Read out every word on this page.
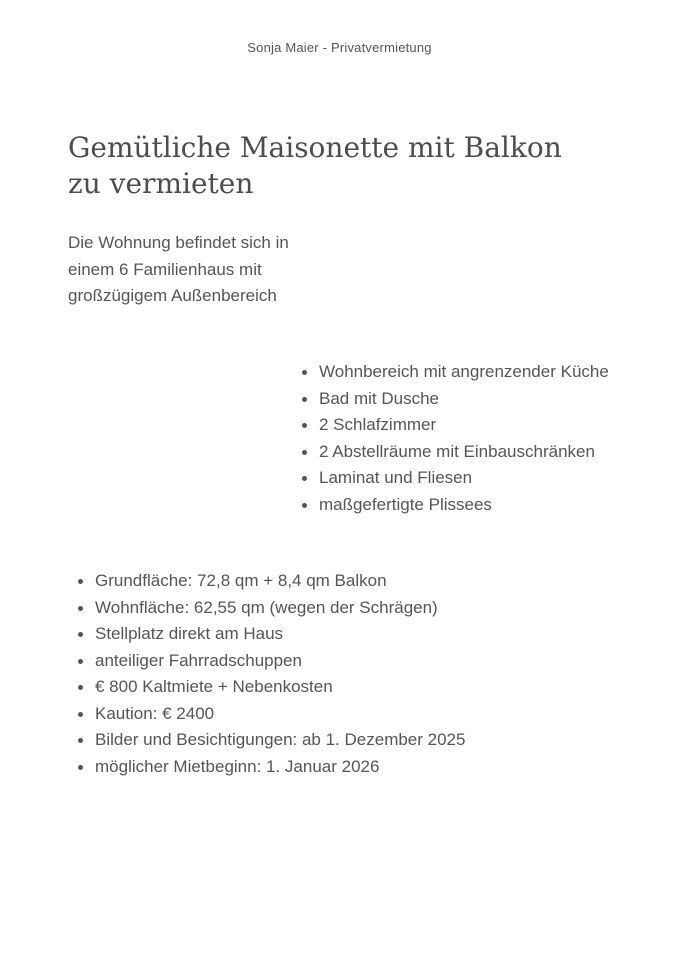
Sonja Maier - Privatvermietung
Gemütliche Maisonette mit Balkon
zu vermieten

Die Wohnung befindet sich in
einem 6 Familienhaus mit
großzügigem Außenbereich

Wohnbereich mit angrenzender Küche
Bad mit Dusche
2 Schlafzimmer
2 Abstellräume mit Einbauschränken
Laminat und Fliesen
maßgefertigte Plissees
Grundfläche: 72,8 qm + 8,4 qm Balkon
Wohnfläche: 62,55 qm (wegen der Schrägen)
Stellplatz direkt am Haus
anteiliger Fahrradschuppen
€ 800 Kaltmiete + Nebenkosten
Kaution: € 2400
Bilder und Besichtigungen: ab 1. Dezember 2025
möglicher Mietbeginn: 1. Januar 2026
